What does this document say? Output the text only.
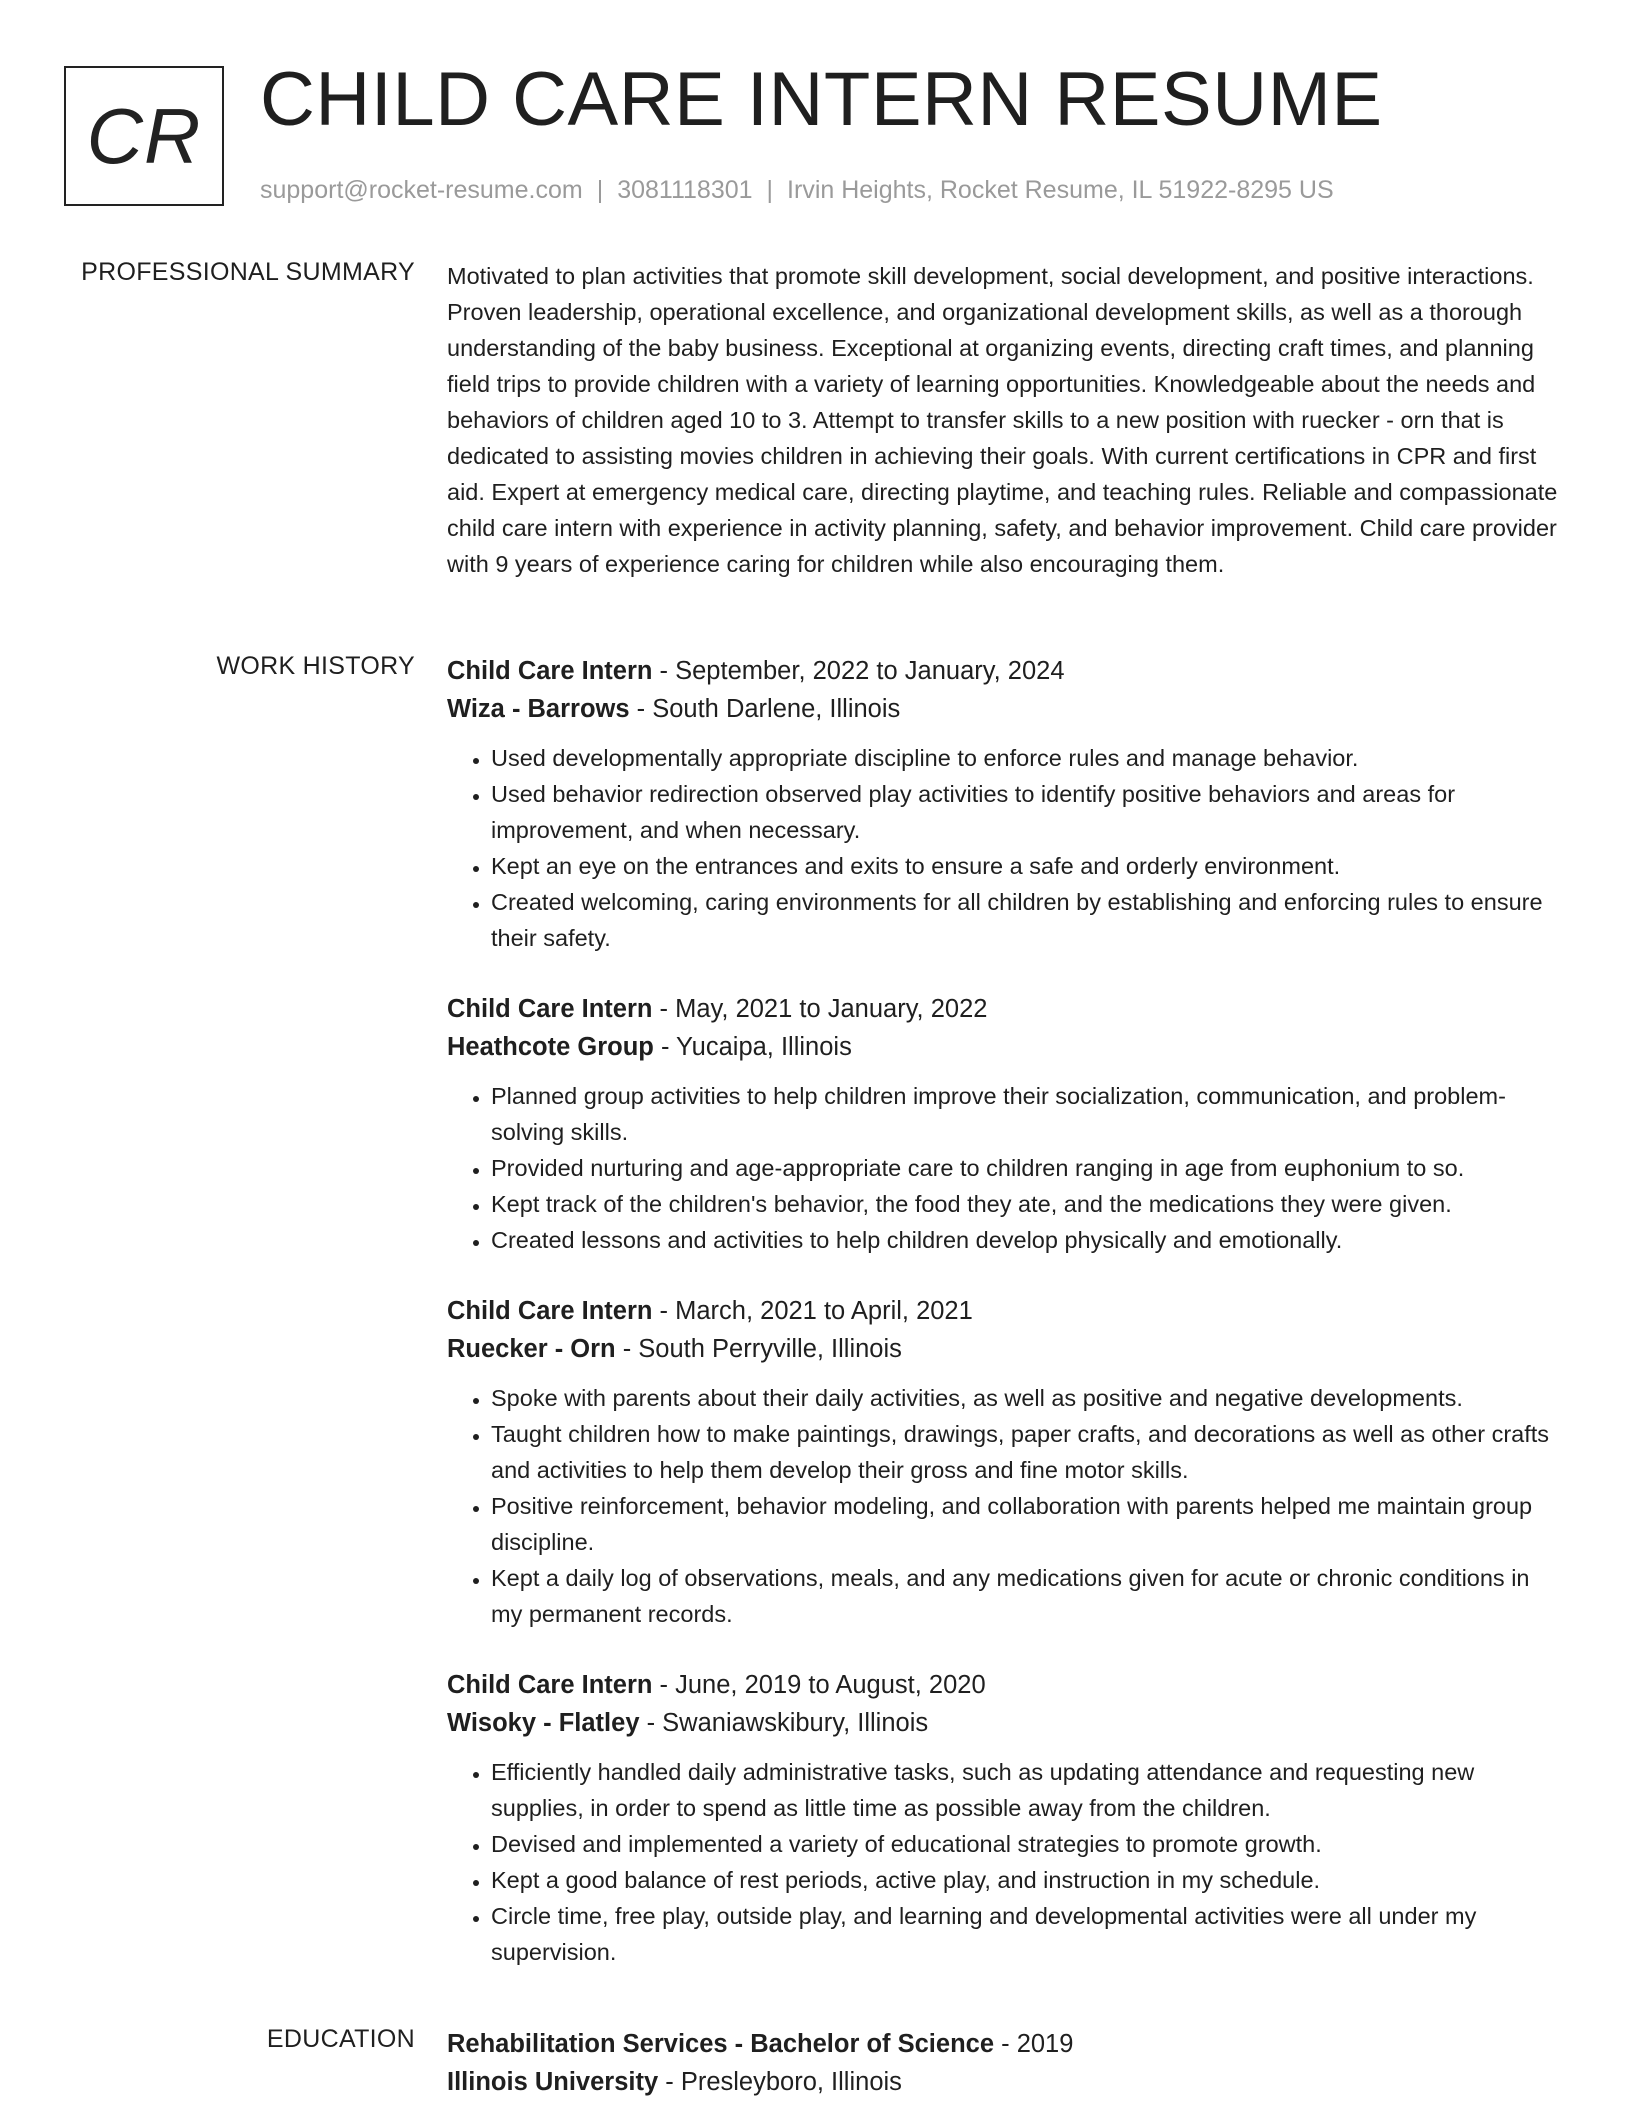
CR CHILD CARE INTERN RESUME
support@rocket-resume.com | 3081118301 | Irvin Heights, Rocket Resume, IL 51922-8295 US
PROFESSIONAL SUMMARY Motivated to plan activities that promote skill development, social development, and positive interactions. Proven leadership, operational excellence, and organizational development skills, as well as a thorough understanding of the baby business. Exceptional at organizing events, directing craft times, and planning field trips to provide children with a variety of learning opportunities. Knowledgeable about the needs and behaviors of children aged 10 to 3. Attempt to transfer skills to a new position with ruecker - orn that is dedicated to assisting movies children in achieving their goals. With current certifications in CPR and first aid. Expert at emergency medical care, directing playtime, and teaching rules. Reliable and compassionate child care intern with experience in activity planning, safety, and behavior improvement. Child care provider with 9 years of experience caring for children while also encouraging them.

WORK HISTORY Child Care Intern - September, 2022 to January, 2024
Wiza - Barrows - South Darlene, Illinois
• Used developmentally appropriate discipline to enforce rules and manage behavior.
• Used behavior redirection observed play activities to identify positive behaviors and areas for improvement, and when necessary.
• Kept an eye on the entrances and exits to ensure a safe and orderly environment.
• Created welcoming, caring environments for all children by establishing and enforcing rules to ensure their safety.
Child Care Intern - May, 2021 to January, 2022
Heathcote Group - Yucaipa, Illinois
• Planned group activities to help children improve their socialization, communication, and problem-solving skills.
• Provided nurturing and age-appropriate care to children ranging in age from euphonium to so.
• Kept track of the children's behavior, the food they ate, and the medications they were given.
• Created lessons and activities to help children develop physically and emotionally.
Child Care Intern - March, 2021 to April, 2021
Ruecker - Orn - South Perryville, Illinois
• Spoke with parents about their daily activities, as well as positive and negative developments.
• Taught children how to make paintings, drawings, paper crafts, and decorations as well as other crafts and activities to help them develop their gross and fine motor skills.
• Positive reinforcement, behavior modeling, and collaboration with parents helped me maintain group discipline.
• Kept a daily log of observations, meals, and any medications given for acute or chronic conditions in my permanent records.
Child Care Intern - June, 2019 to August, 2020
Wisoky - Flatley - Swaniawskibury, Illinois
• Efficiently handled daily administrative tasks, such as updating attendance and requesting new supplies, in order to spend as little time as possible away from the children.
• Devised and implemented a variety of educational strategies to promote growth.
• Kept a good balance of rest periods, active play, and instruction in my schedule.
• Circle time, free play, outside play, and learning and developmental activities were all under my supervision.
EDUCATION Rehabilitation Services - Bachelor of Science - 2019
Illinois University - Presleyboro, Illinois
